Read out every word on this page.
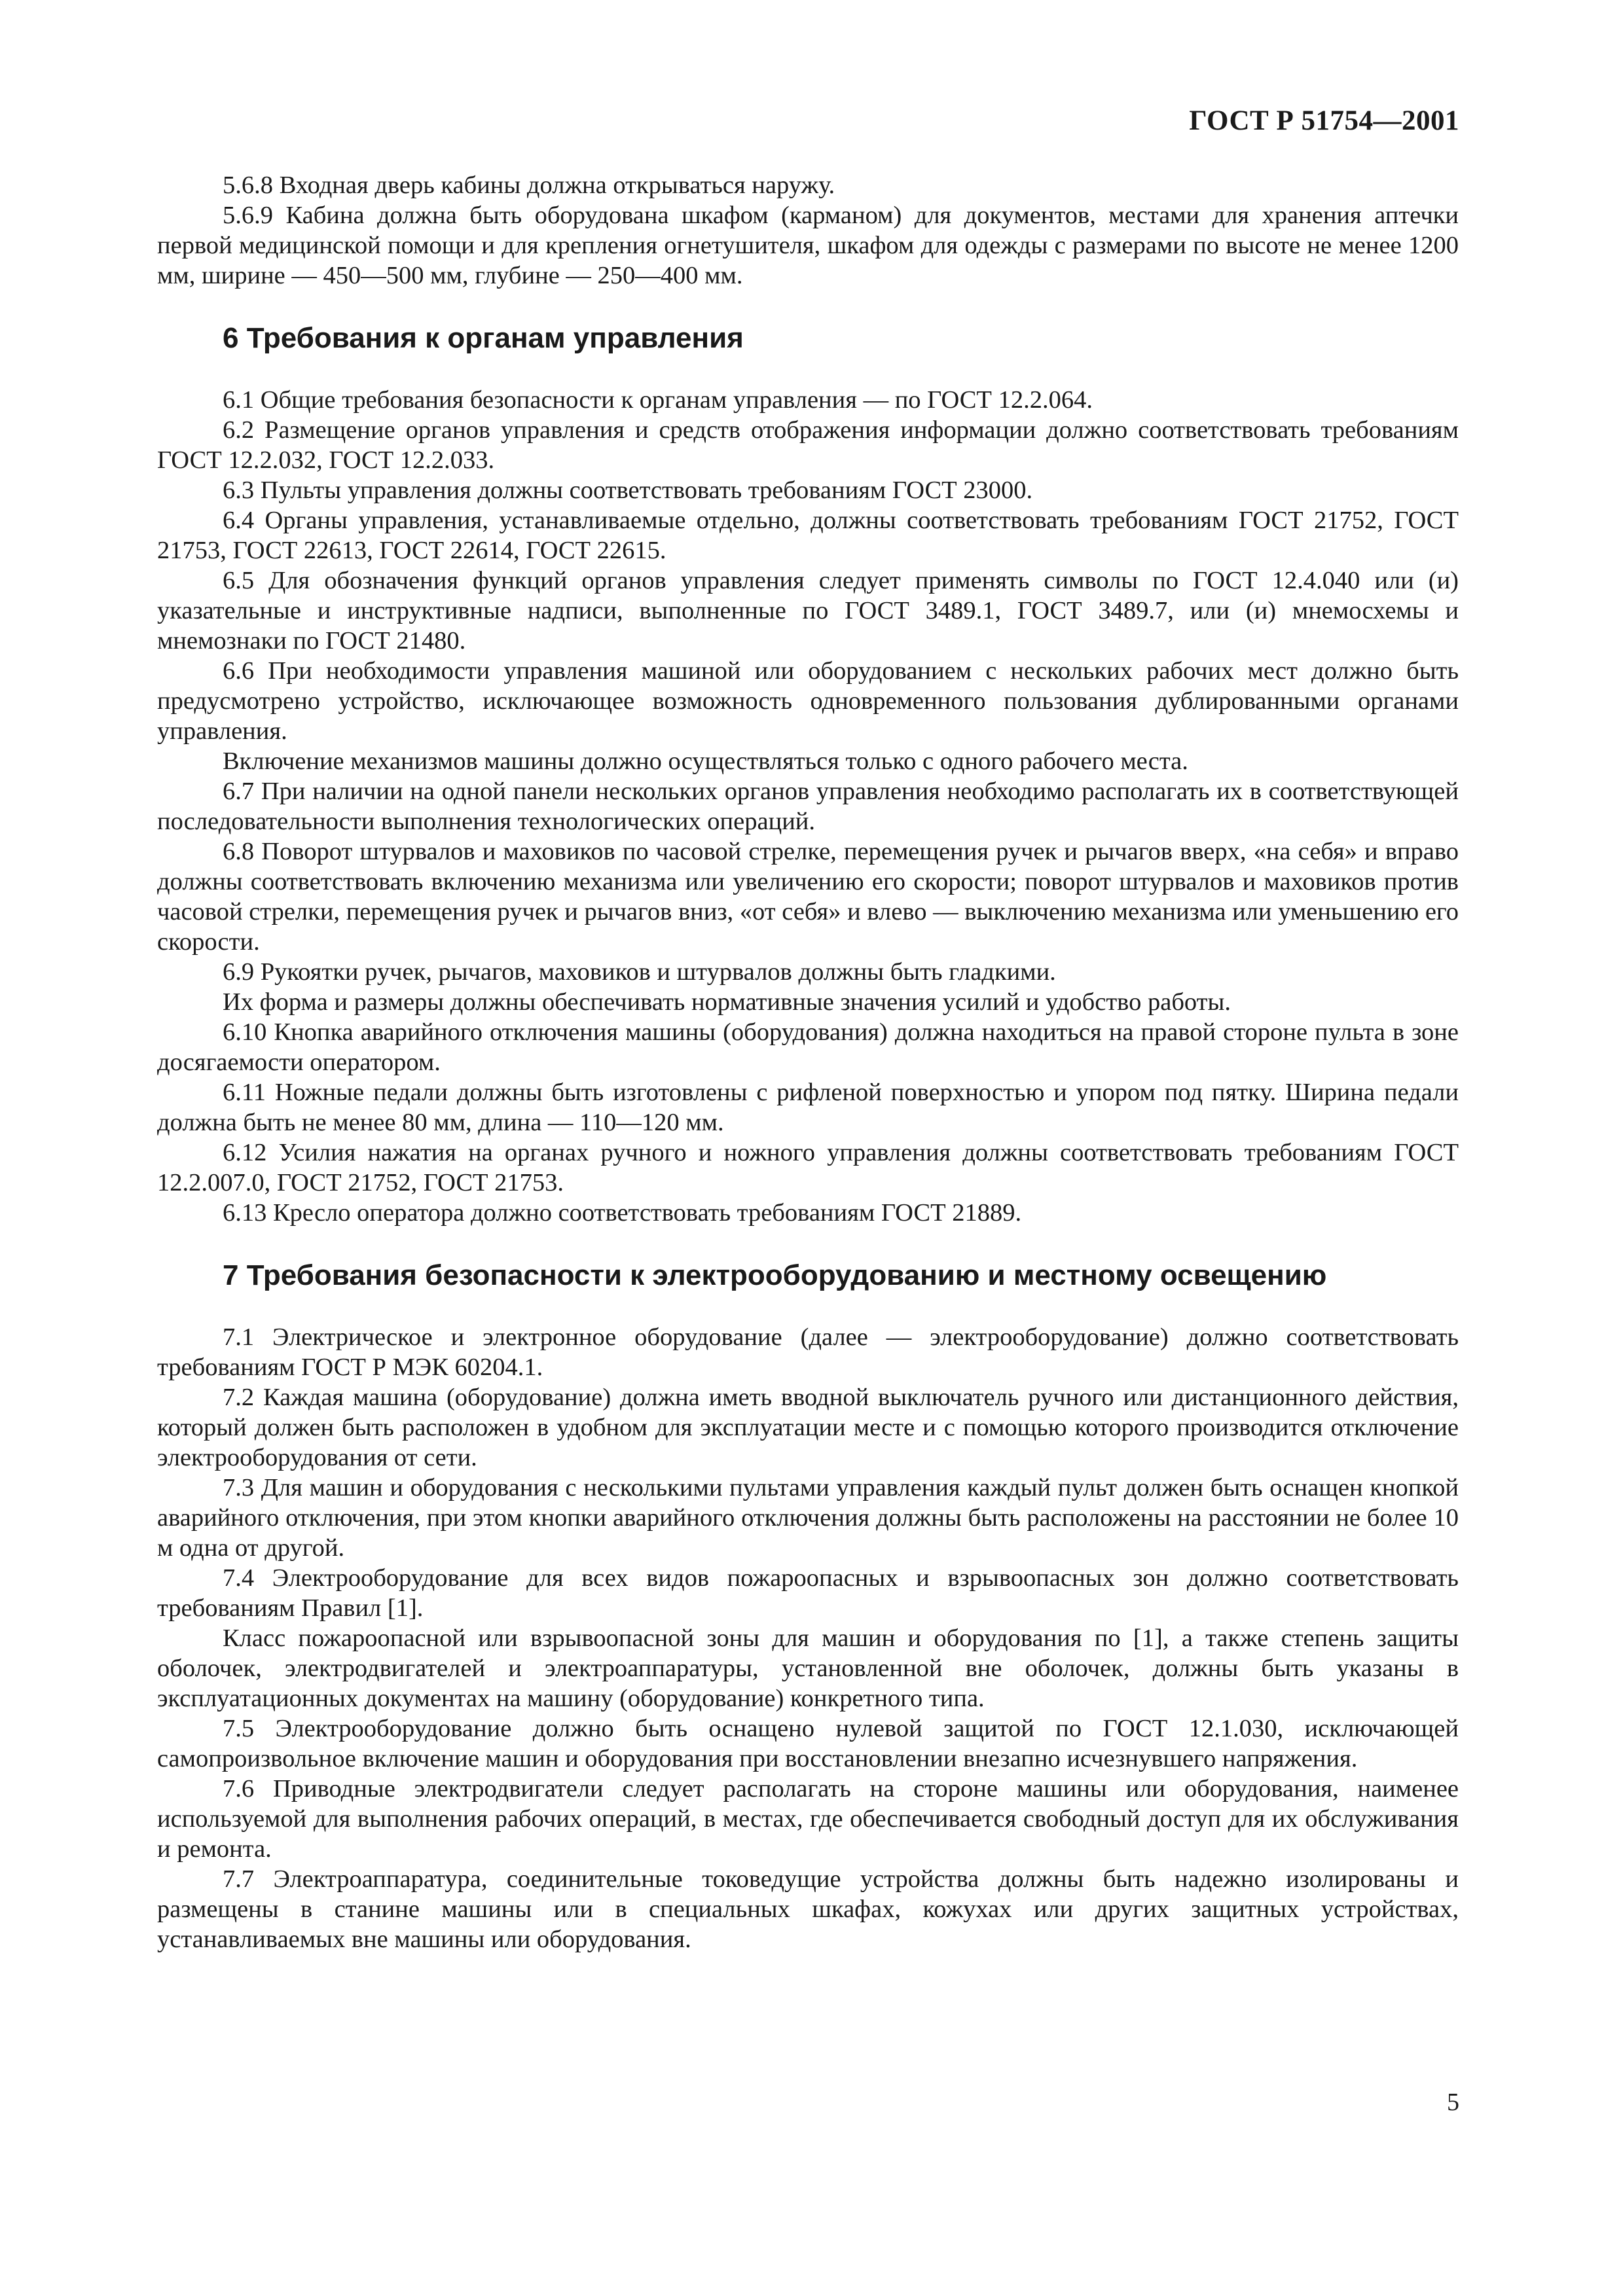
ГОСТ Р 51754—2001

5.6.8 Входная дверь кабины должна открываться наружу.

5.6.9 Кабина должна быть оборудована шкафом (карманом) для документов, местами для хранения аптечки первой медицинской помощи и для крепления огнетушителя, шкафом для одежды с размерами по высоте не менее 1200 мм, ширине — 450—500 мм, глубине — 250—400 мм.

6 Требования к органам управления

6.1 Общие требования безопасности к органам управления — по ГОСТ 12.2.064.

6.2 Размещение органов управления и средств отображения информации должно соответствовать требованиям ГОСТ 12.2.032, ГОСТ 12.2.033.

6.3 Пульты управления должны соответствовать требованиям ГОСТ 23000.

6.4 Органы управления, устанавливаемые отдельно, должны соответствовать требованиям ГОСТ 21752, ГОСТ 21753, ГОСТ 22613, ГОСТ 22614, ГОСТ 22615.

6.5 Для обозначения функций органов управления следует применять символы по ГОСТ 12.4.040 или (и) указательные и инструктивные надписи, выполненные по ГОСТ 3489.1, ГОСТ 3489.7, или (и) мнемосхемы и мнемознаки по ГОСТ 21480.

6.6 При необходимости управления машиной или оборудованием с нескольких рабочих мест должно быть предусмотрено устройство, исключающее возможность одновременного пользования дублированными органами управления.

Включение механизмов машины должно осуществляться только с одного рабочего места.

6.7 При наличии на одной панели нескольких органов управления необходимо располагать их в соответствующей последовательности выполнения технологических операций.

6.8 Поворот штурвалов и маховиков по часовой стрелке, перемещения ручек и рычагов вверх, «на себя» и вправо должны соответствовать включению механизма или увеличению его скорости; поворот штурвалов и маховиков против часовой стрелки, перемещения ручек и рычагов вниз, «от себя» и влево — выключению механизма или уменьшению его скорости.

6.9 Рукоятки ручек, рычагов, маховиков и штурвалов должны быть гладкими.

Их форма и размеры должны обеспечивать нормативные значения усилий и удобство работы.

6.10 Кнопка аварийного отключения машины (оборудования) должна находиться на правой стороне пульта в зоне досягаемости оператором.

6.11 Ножные педали должны быть изготовлены с рифленой поверхностью и упором под пятку. Ширина педали должна быть не менее 80 мм, длина — 110—120 мм.

6.12 Усилия нажатия на органах ручного и ножного управления должны соответствовать требованиям ГОСТ 12.2.007.0, ГОСТ 21752, ГОСТ 21753.

6.13 Кресло оператора должно соответствовать требованиям ГОСТ 21889.

7 Требования безопасности к электрооборудованию и местному освещению

7.1 Электрическое и электронное оборудование (далее — электрооборудование) должно соответствовать требованиям ГОСТ Р МЭК 60204.1.

7.2 Каждая машина (оборудование) должна иметь вводной выключатель ручного или дистанционного действия, который должен быть расположен в удобном для эксплуатации месте и с помощью которого производится отключение электрооборудования от сети.

7.3 Для машин и оборудования с несколькими пультами управления каждый пульт должен быть оснащен кнопкой аварийного отключения, при этом кнопки аварийного отключения должны быть расположены на расстоянии не более 10 м одна от другой.

7.4 Электрооборудование для всех видов пожароопасных и взрывоопасных зон должно соответствовать требованиям Правил [1].

Класс пожароопасной или взрывоопасной зоны для машин и оборудования по [1], а также степень защиты оболочек, электродвигателей и электроаппаратуры, установленной вне оболочек, должны быть указаны в эксплуатационных документах на машину (оборудование) конкретного типа.

7.5 Электрооборудование должно быть оснащено нулевой защитой по ГОСТ 12.1.030, исключающей самопроизвольное включение машин и оборудования при восстановлении внезапно исчезнувшего напряжения.

7.6 Приводные электродвигатели следует располагать на стороне машины или оборудования, наименее используемой для выполнения рабочих операций, в местах, где обеспечивается свободный доступ для их обслуживания и ремонта.

7.7 Электроаппаратура, соединительные токоведущие устройства должны быть надежно изолированы и размещены в станине машины или в специальных шкафах, кожухах или других защитных устройствах, устанавливаемых вне машины или оборудования.

5
